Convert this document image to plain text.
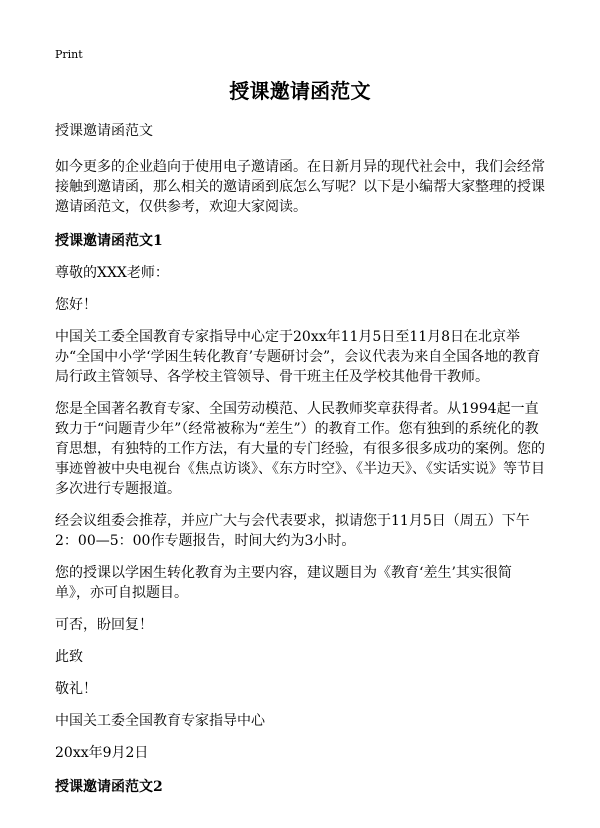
Print
授课邀请函范文

授课邀请函范文

如今更多的企业趋向于使用电子邀请函。在日新月异的现代社会中，我们会经常接触到邀请函，那么相关的邀请函到底怎么写呢？以下是小编帮大家整理的授课邀请函范文，仅供参考，欢迎大家阅读。

授课邀请函范文1

尊敬的XXX老师：

您好！

中国关工委全国教育专家指导中心定于20xx年11月5日至11月8日在北京举办“全国中小学‘学困生转化教育’专题研讨会”，会议代表为来自全国各地的教育局行政主管领导、各学校主管领导、骨干班主任及学校其他骨干教师。

您是全国著名教育专家、全国劳动模范、人民教师奖章获得者。从1994起一直致力于“问题青少年”（经常被称为“差生”）的教育工作。您有独到的系统化的教育思想，有独特的工作方法，有大量的专门经验，有很多很多成功的案例。您的事迹曾被中央电视台《焦点访谈》、《东方时空》、《半边天》、《实话实说》等节目多次进行专题报道。

经会议组委会推荐，并应广大与会代表要求，拟请您于11月5日（周五）下午2：00—5：00作专题报告，时间大约为3小时。

您的授课以学困生转化教育为主要内容，建议题目为《教育‘差生’其实很简单》，亦可自拟题目。

可否，盼回复！

此致

敬礼！

中国关工委全国教育专家指导中心

20xx年9月2日

授课邀请函范文2
